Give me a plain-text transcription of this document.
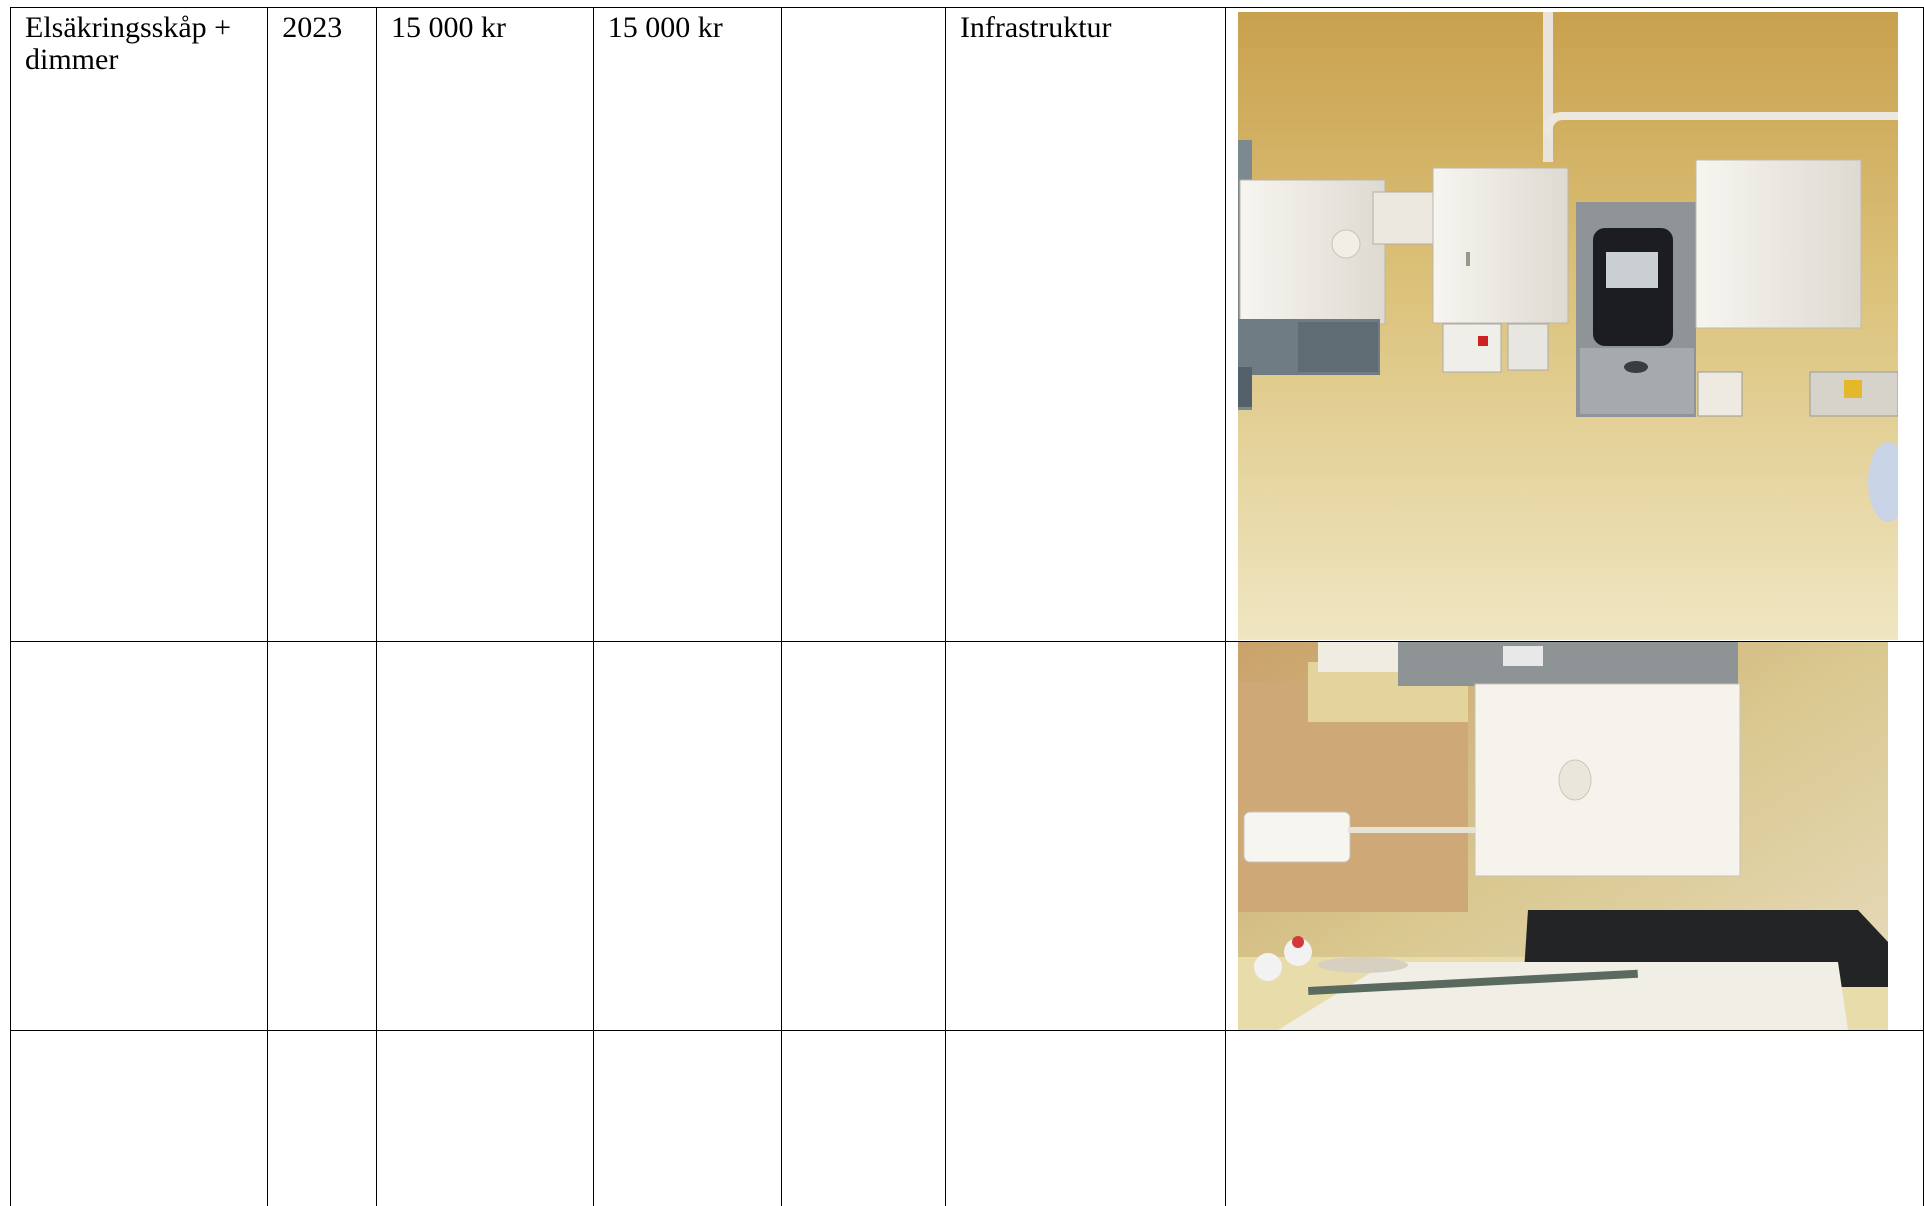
Elsäkringsskåp +
dimmer	2023	15 000 kr	15 000 kr		Infrastruktur
